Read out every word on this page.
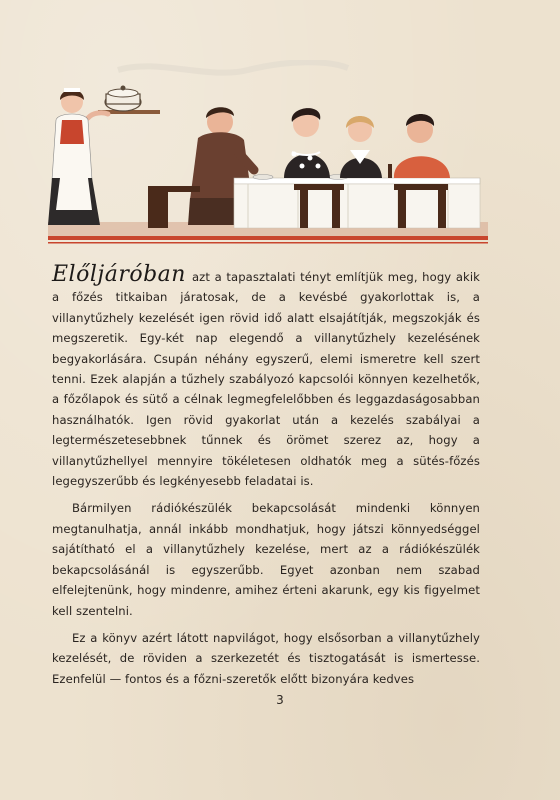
Előljáróban azt a tapasztalati tényt említjük meg, hogy akik a főzés titkaiban járatosak, de a kevésbé gyakorlottak is, a villanytűzhely kezelését igen rövid idő alatt elsajátítják, megszokják és megszeretik. Egy-két nap elegendő a villanytűzhely kezelésének begyakorlására. Csupán néhány egyszerű, elemi ismeretre kell szert tenni. Ezek alapján a tűzhely szabályozó kapcsolói könnyen kezelhetők, a főzőlapok és sütő a célnak legmegfelelőbben és leggazdaságosabban használhatók. Igen rövid gyakorlat után a kezelés szabályai a legtermészetesebbnek tűnnek és örömet szerez az, hogy a villanytűzhellyel mennyire tökéletesen oldhatók meg a sütés-főzés legegyszerűbb és legkényesebb feladatai is.

Bármilyen rádiókészülék bekapcsolását mindenki könnyen megtanulhatja, annál inkább mondhatjuk, hogy játszi könnyedséggel sajátítható el a villanytűzhely kezelése, mert az a rádiókészülék bekapcsolásánál is egyszerűbb. Egyet azonban nem szabad elfelejtenünk, hogy mindenre, amihez érteni akarunk, egy kis figyelmet kell szentelni.

Ez a könyv azért látott napvilágot, hogy elsősorban a villanytűzhely kezelését, de röviden a szerkezetét és tisztogatását is ismertesse. Ezenfelül — fontos és a főzni-szeretők előtt bizonyára kedves

3
